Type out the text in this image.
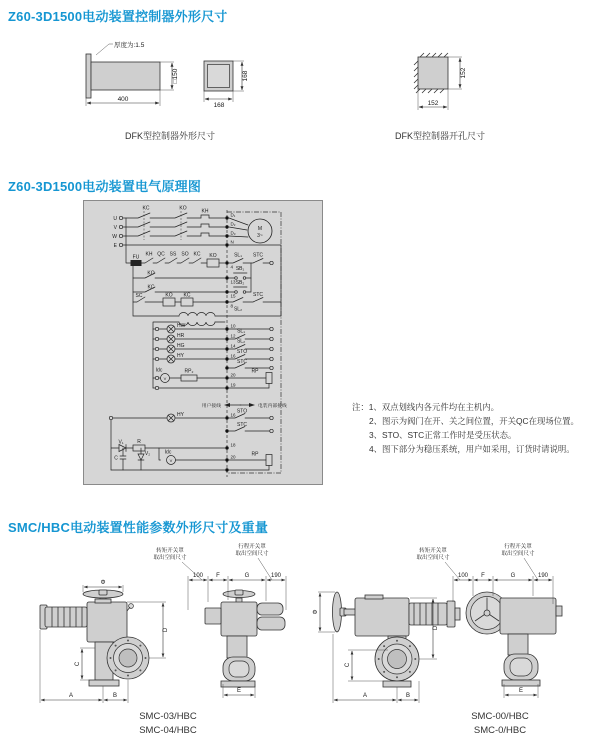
Z60-3D1500电动装置控制器外形尺寸
厚度为:1.5
400
□150	168
168
152
152
DFK型控制器外形尺寸	DFK型控制器开孔尺寸
Z60-3D1500电动装置电气原理图
U
V
W
E
KC	KO	KH
D₁
D₂
D₃
N
M
3~
FU KH QC SS SO KC KO
4
SL₁ STC
KO
13
SB₁
KC
15
SB₂
SC	KO KC
8
SL₂
STC
HW	10
HR	12
SL₁
HG	14
SL₂
HY	16
STO
STC
Idc
V
RP₂
20
RP
19
用户接线	电装内部接线
HY	16
STO
STC
V₁	R
C
V₂	Idc
V
18
20	RP
注：1、双点划线内各元件均在主机内。
2、图示为阀门在开、关之间位置，开关QC在现场位置。
3、STO、STC正常工作时是受压状态。
4、图下部分为稳压系统，用户如采用，订货时请说明。
SMC/HBC电动装置性能参数外形尺寸及重量
转矩开关罩
取出空间尺寸
行程开关罩
取出空间尺寸
100 F	G	190
Φ
D
C
A	B
E
转矩开关罩
取出空间尺寸
行程开关罩
取出空间尺寸
100 F	G	190
Φ
D
C
A	B
E
SMC-03/HBC
SMC-04/HBC
SMC-00/HBC
SMC-0/HBC
